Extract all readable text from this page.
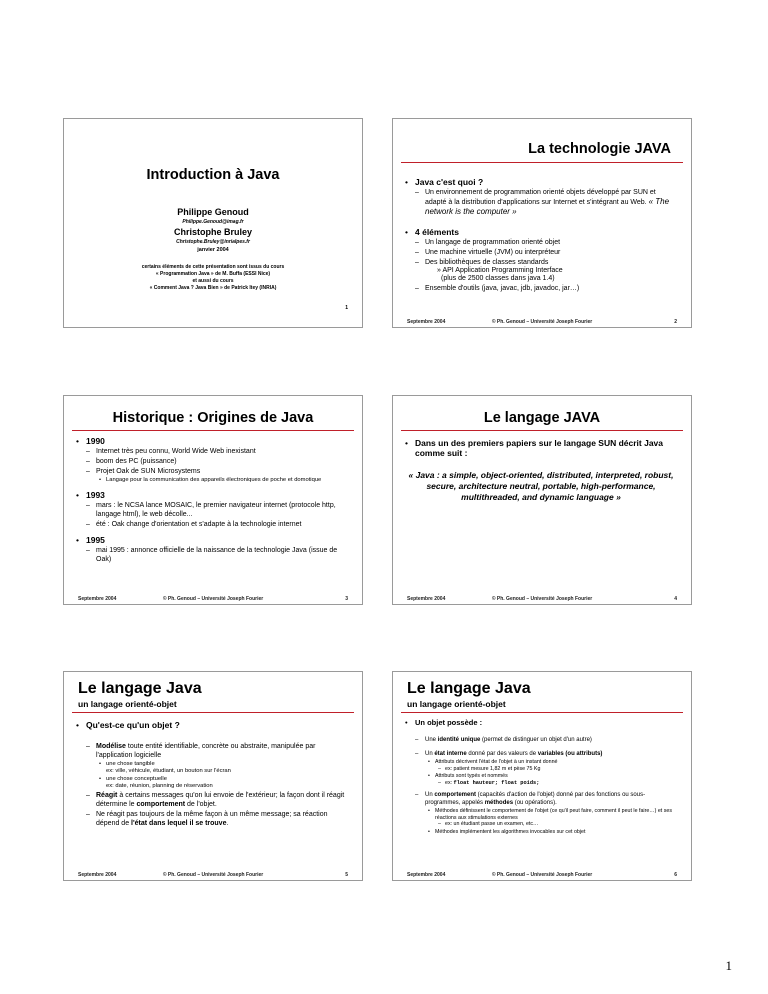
Introduction à Java
Philippe Genoud
Philippe.Genoud@imag.fr
Christophe Bruley
Christophe.Bruley@inrialpes.fr
janvier 2004
certains éléments de cette présentation sont issus du cours
« Programmation Java » de M. Buffa (ESSI Nice)
et aussi du cours
« Comment Java ? Java Bien » de Patrick Itey (INRIA)
1
La technologie JAVA
• Java c'est quoi ?
– Un environnement de programmation orienté objets développé par SUN et adapté à la distribution d'applications sur Internet et s'intégrant au Web. « The network is the computer »
• 4 éléments
– Un langage de programmation orienté objet
– Une machine virtuelle (JVM) ou interpréteur
– Des bibliothèques de classes standards
» API Application Programming Interface
(plus de 2500 classes dans java 1.4)
– Ensemble d'outils (java, javac, jdb, javadoc, jar…)
Septembre 2004	© Ph. Genoud – Université Joseph Fourier	2
Historique : Origines de Java
• 1990
– Internet très peu connu, World Wide Web inexistant
– boom des PC (puissance)
– Projet Oak de SUN Microsystems
• Langage pour la communication des appareils électroniques de poche et domotique
• 1993
– mars : le NCSA lance MOSAIC, le premier navigateur internet (protocole http, langage html), le web décolle...
– été : Oak change d'orientation et s'adapte à la technologie internet
• 1995
– mai 1995 : annonce officielle de la naissance de la technologie Java (issue de Oak)
Septembre 2004	© Ph. Genoud – Université Joseph Fourier	3
Le langage JAVA
• Dans un des premiers papiers sur le langage SUN décrit Java comme suit :
« Java : a simple, object-oriented, distributed, interpreted, robust, secure, architecture neutral, portable, high-performance, multithreaded, and dynamic language »
Septembre 2004	© Ph. Genoud – Université Joseph Fourier	4
Le langage Java
un langage orienté-objet
• Qu'est-ce qu'un objet ?
– Modélise toute entité identifiable, concrète ou abstraite, manipulée par l'application logicielle
• une chose tangible
ex: ville, véhicule, étudiant, un bouton sur l'écran
• une chose conceptuelle
ex: date, réunion, planning de réservation
– Réagit à certains messages qu'on lui envoie de l'extérieur; la façon dont il réagit détermine le comportement de l'objet.
– Ne réagit pas toujours de la même façon à un même message; sa réaction dépend de l'état dans lequel il se trouve.
Septembre 2004	© Ph. Genoud – Université Joseph Fourier	5
Le langage Java
un langage orienté-objet
• Un objet possède :
– Une identité unique (permet de distinguer un objet d'un autre)
– Un état interne donné par des valeurs de variables (ou attributs)
• Attributs décrivent l'état de l'objet à un instant donné
– ex: patient mesure 1,82 m et pèse 75 Kg
• Attributs sont typés et nommés
– ex: float hauteur; float poids;
– Un comportement (capacités d'action de l'objet) donné par des fonctions ou sous-programmes, appelés méthodes (ou opérations).
• Méthodes définissent le comportement de l'objet (ce qu'il peut faire, comment il peut le faire…) et ses réactions aux stimulations externes
– ex: un étudiant passe un examen, etc…
• Méthodes implémentent les algorithmes invocables sur cet objet
Septembre 2004	© Ph. Genoud – Université Joseph Fourier	6
1
